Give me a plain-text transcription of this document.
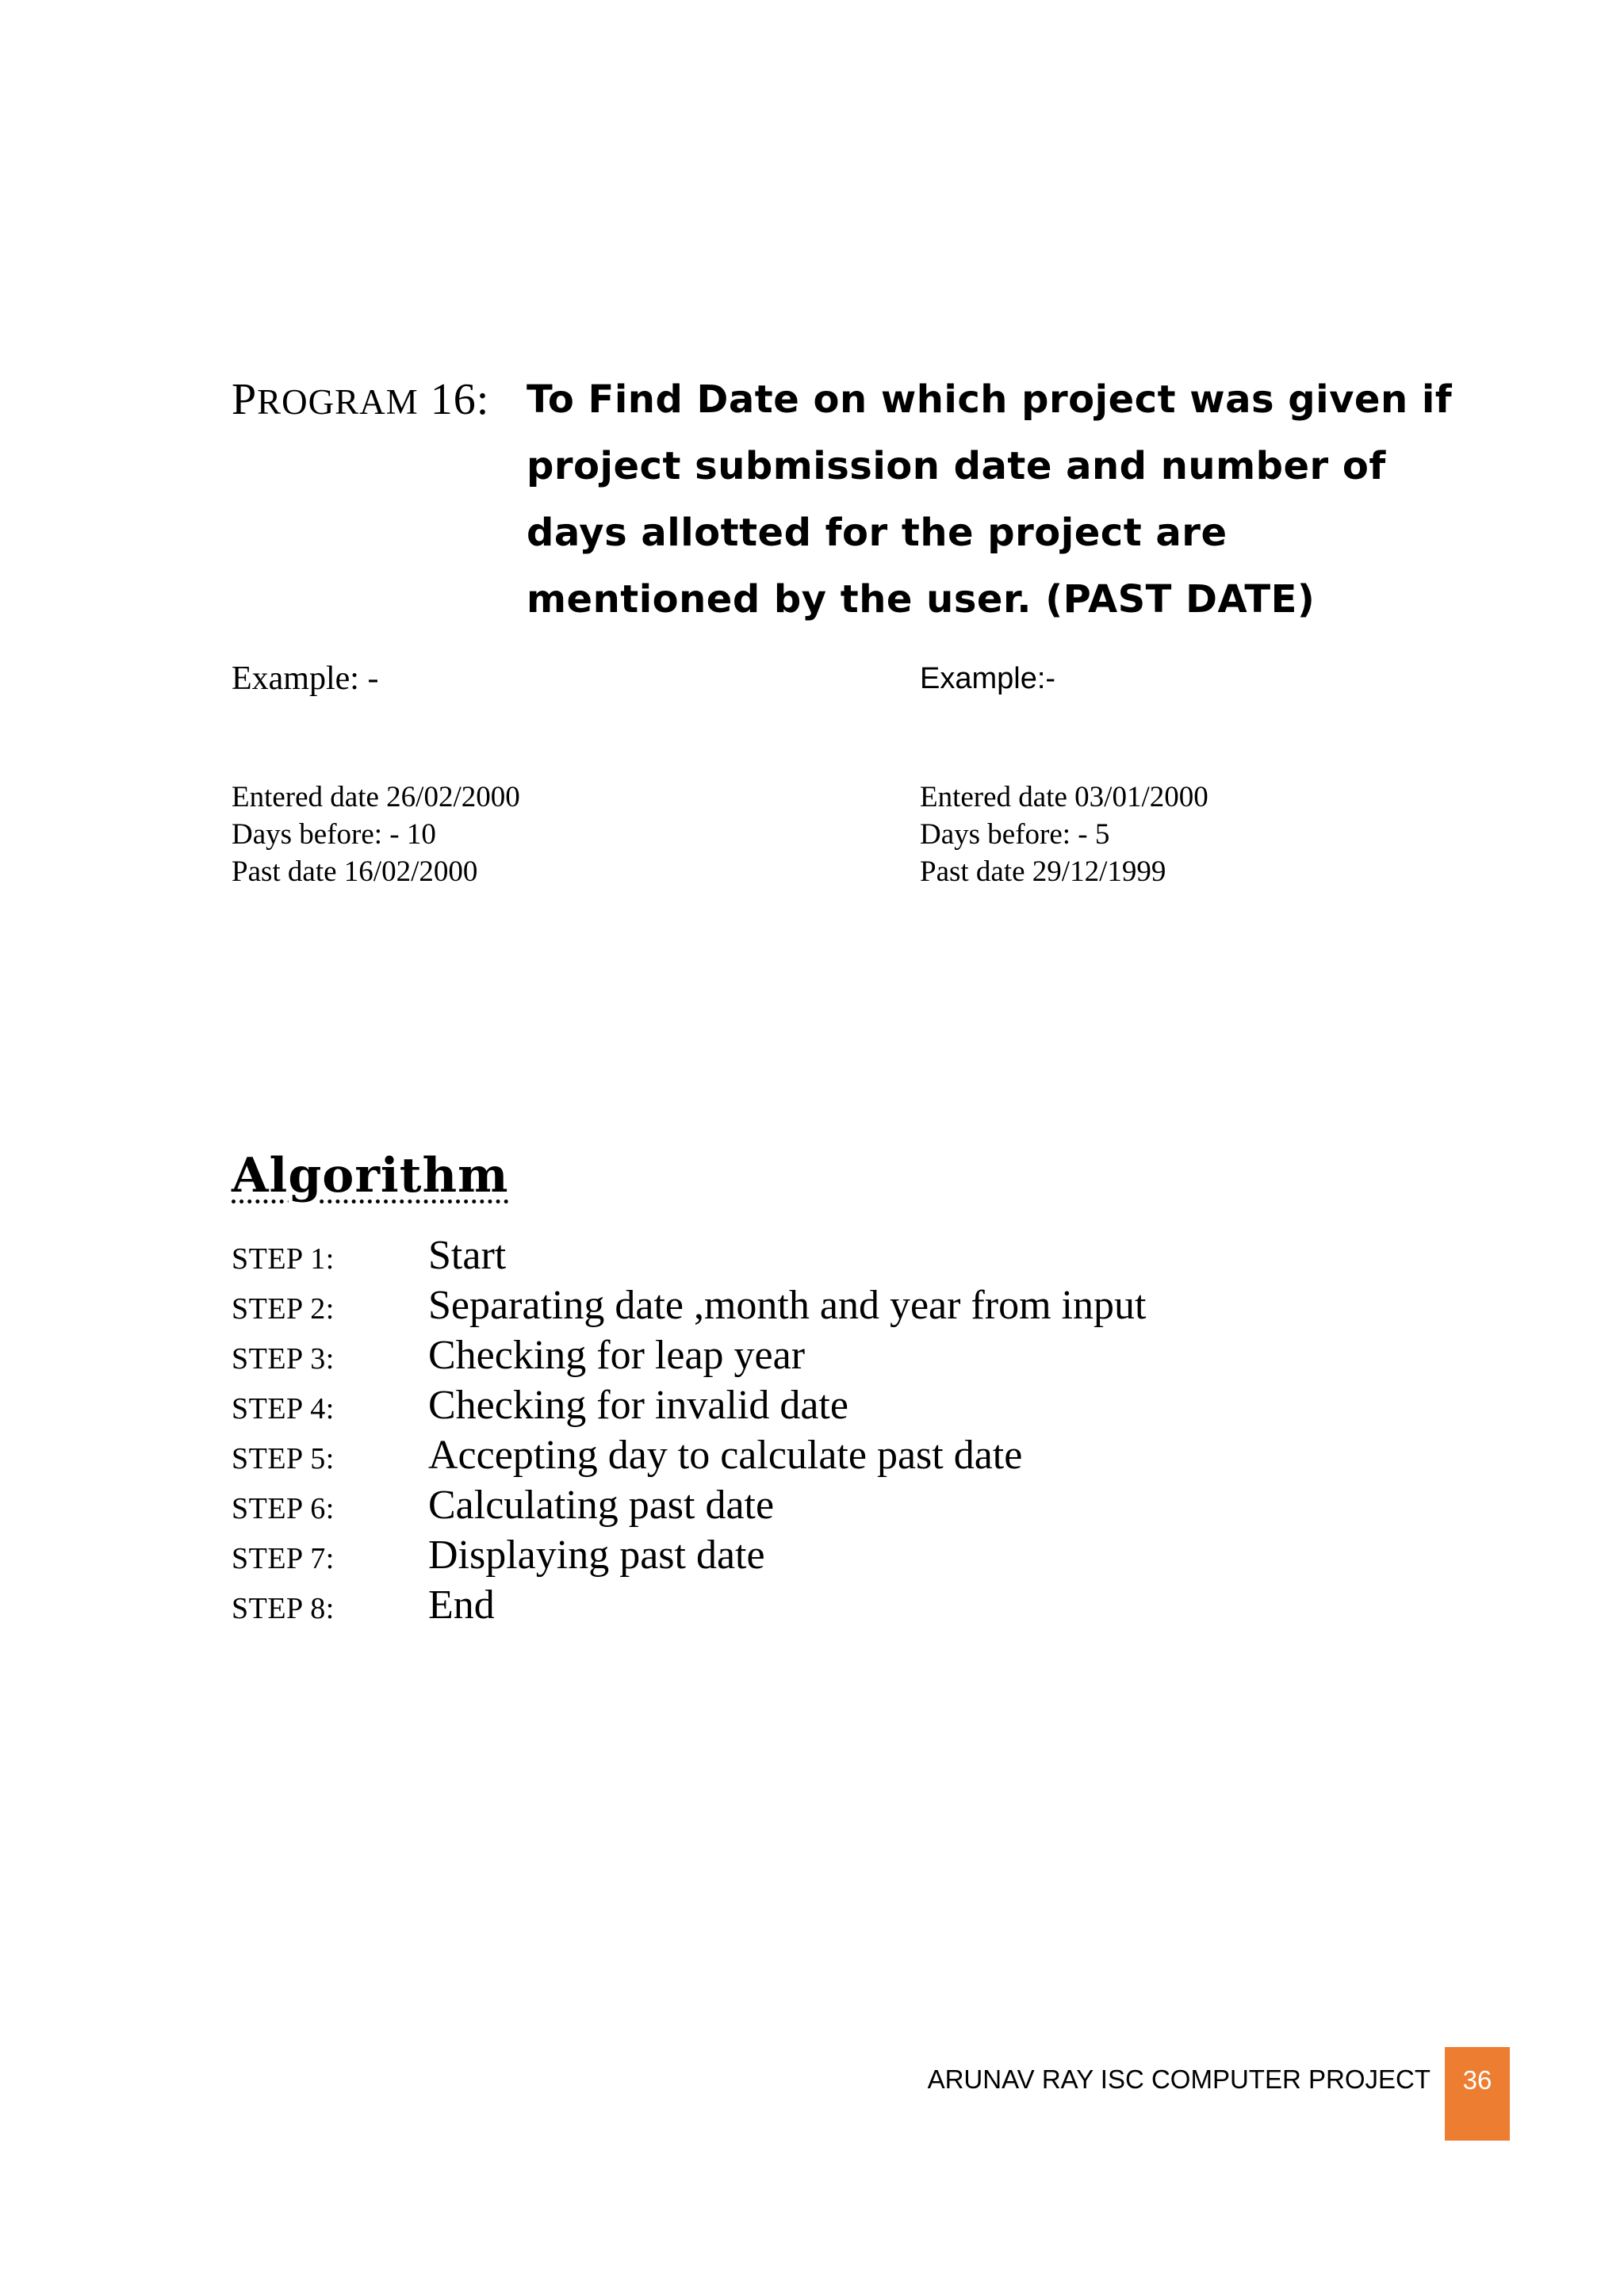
PROGRAM 16: To Find Date on which project was given if project submission date and number of days allotted for the project are mentioned by the user. (PAST DATE)
Example: -	Example:-
Entered date 26/02/2000
Days before: - 10
Past date 16/02/2000
Entered date 03/01/2000
Days before: - 5
Past date 29/12/1999
Algorithm
STEP 1:	Start
STEP 2:	Separating date ,month and year from input
STEP 3:	Checking for leap year
STEP 4:	Checking for invalid date
STEP 5:	Accepting day to calculate past date
STEP 6:	Calculating past date
STEP 7:	Displaying past date
STEP 8:	End
ARUNAV RAY ISC COMPUTER PROJECT	36
